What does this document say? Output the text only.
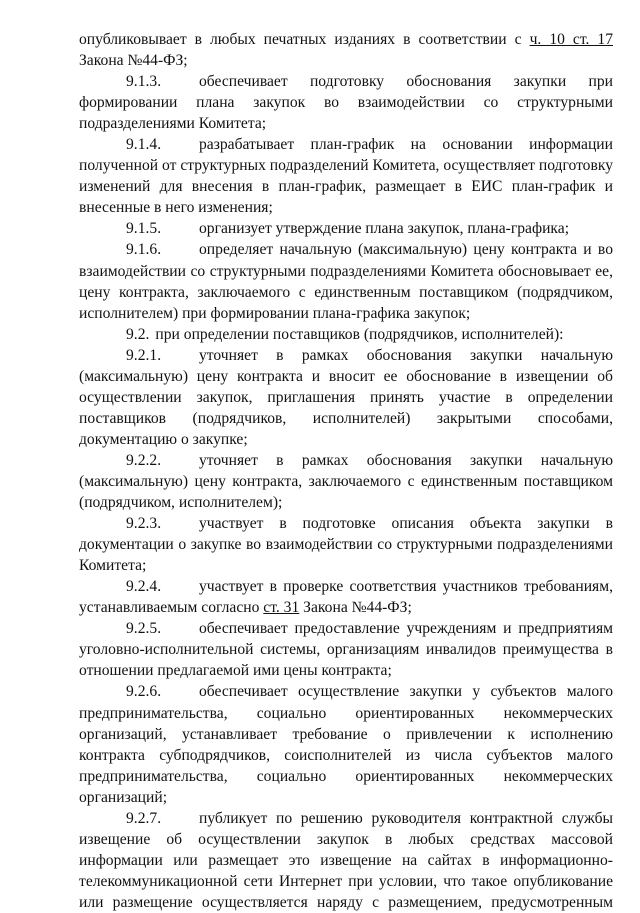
опубликовывает в любых печатных изданиях в соответствии с ч. 10 ст. 17 Закона №44-ФЗ;

9.1.3. обеспечивает подготовку обоснования закупки при формировании плана закупок во взаимодействии со структурными подразделениями Комитета;

9.1.4. разрабатывает план-график на основании информации полученной от структурных подразделений Комитета, осуществляет подготовку изменений для внесения в план-график, размещает в ЕИС план-график и внесенные в него изменения;

9.1.5. организует утверждение плана закупок, плана-графика;

9.1.6. определяет начальную (максимальную) цену контракта и во взаимодействии со структурными подразделениями Комитета обосновывает ее, цену контракта, заключаемого с единственным поставщиком (подрядчиком, исполнителем) при формировании плана-графика закупок;

9.2. при определении поставщиков (подрядчиков, исполнителей):

9.2.1. уточняет в рамках обоснования закупки начальную (максимальную) цену контракта и вносит ее обоснование в извещении об осуществлении закупок, приглашения принять участие в определении поставщиков (подрядчиков, исполнителей) закрытыми способами, документацию о закупке;

9.2.2. уточняет в рамках обоснования закупки начальную (максимальную) цену контракта, заключаемого с единственным поставщиком (подрядчиком, исполнителем);

9.2.3. участвует в подготовке описания объекта закупки в документации о закупке во взаимодействии со структурными подразделениями Комитета;

9.2.4. участвует в проверке соответствия участников требованиям, устанавливаемым согласно ст. 31 Закона №44-ФЗ;

9.2.5. обеспечивает предоставление учреждениям и предприятиям уголовно-исполнительной системы, организациям инвалидов преимущества в отношении предлагаемой ими цены контракта;

9.2.6. обеспечивает осуществление закупки у субъектов малого предпринимательства, социально ориентированных некоммерческих организаций, устанавливает требование о привлечении к исполнению контракта субподрядчиков, соисполнителей из числа субъектов малого предпринимательства, социально ориентированных некоммерческих организаций;

9.2.7. публикует по решению руководителя контрактной службы извещение об осуществлении закупок в любых средствах массовой информации или размещает это извещение на сайтах в информационно-телекоммуникационной сети Интернет при условии, что такое опубликование или размещение осуществляется наряду с размещением, предусмотренным
